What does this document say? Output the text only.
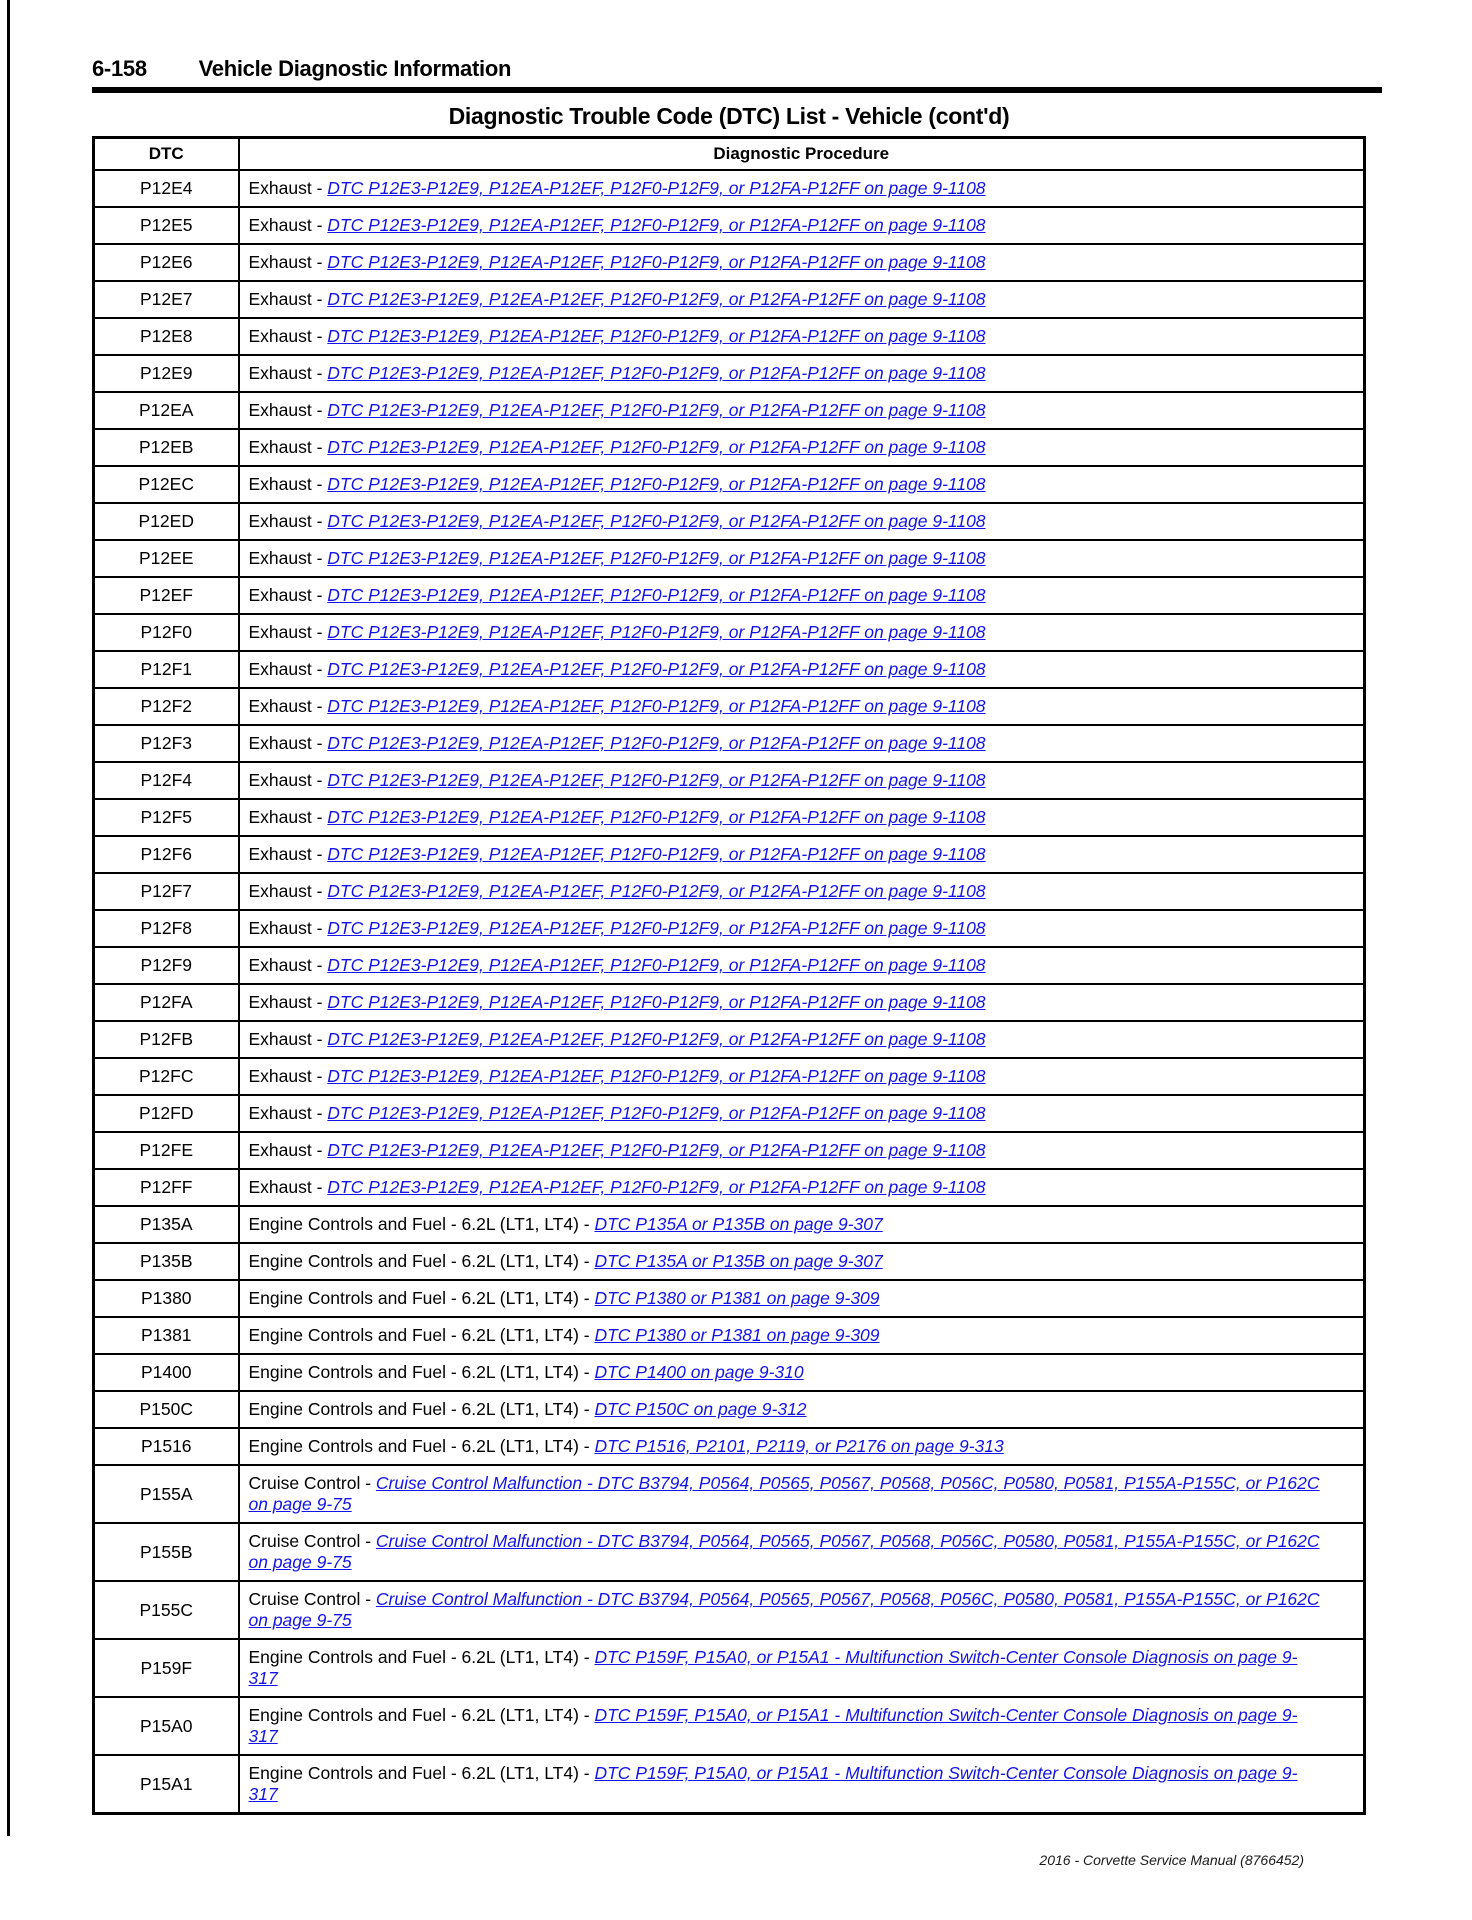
6-158 Vehicle Diagnostic Information
Diagnostic Trouble Code (DTC) List - Vehicle (cont'd)
DTC	Diagnostic Procedure
P12E4	Exhaust - DTC P12E3-P12E9, P12EA-P12EF, P12F0-P12F9, or P12FA-P12FF on page 9-1108

P12E5	Exhaust - DTC P12E3-P12E9, P12EA-P12EF, P12F0-P12F9, or P12FA-P12FF on page 9-1108

P12E6	Exhaust - DTC P12E3-P12E9, P12EA-P12EF, P12F0-P12F9, or P12FA-P12FF on page 9-1108

P12E7	Exhaust - DTC P12E3-P12E9, P12EA-P12EF, P12F0-P12F9, or P12FA-P12FF on page 9-1108

P12E8	Exhaust - DTC P12E3-P12E9, P12EA-P12EF, P12F0-P12F9, or P12FA-P12FF on page 9-1108

P12E9	Exhaust - DTC P12E3-P12E9, P12EA-P12EF, P12F0-P12F9, or P12FA-P12FF on page 9-1108

P12EA	Exhaust - DTC P12E3-P12E9, P12EA-P12EF, P12F0-P12F9, or P12FA-P12FF on page 9-1108

P12EB	Exhaust - DTC P12E3-P12E9, P12EA-P12EF, P12F0-P12F9, or P12FA-P12FF on page 9-1108

P12EC	Exhaust - DTC P12E3-P12E9, P12EA-P12EF, P12F0-P12F9, or P12FA-P12FF on page 9-1108

P12ED	Exhaust - DTC P12E3-P12E9, P12EA-P12EF, P12F0-P12F9, or P12FA-P12FF on page 9-1108

P12EE	Exhaust - DTC P12E3-P12E9, P12EA-P12EF, P12F0-P12F9, or P12FA-P12FF on page 9-1108

P12EF	Exhaust - DTC P12E3-P12E9, P12EA-P12EF, P12F0-P12F9, or P12FA-P12FF on page 9-1108

P12F0	Exhaust - DTC P12E3-P12E9, P12EA-P12EF, P12F0-P12F9, or P12FA-P12FF on page 9-1108

P12F1	Exhaust - DTC P12E3-P12E9, P12EA-P12EF, P12F0-P12F9, or P12FA-P12FF on page 9-1108

P12F2	Exhaust - DTC P12E3-P12E9, P12EA-P12EF, P12F0-P12F9, or P12FA-P12FF on page 9-1108

P12F3	Exhaust - DTC P12E3-P12E9, P12EA-P12EF, P12F0-P12F9, or P12FA-P12FF on page 9-1108

P12F4	Exhaust - DTC P12E3-P12E9, P12EA-P12EF, P12F0-P12F9, or P12FA-P12FF on page 9-1108

P12F5	Exhaust - DTC P12E3-P12E9, P12EA-P12EF, P12F0-P12F9, or P12FA-P12FF on page 9-1108

P12F6	Exhaust - DTC P12E3-P12E9, P12EA-P12EF, P12F0-P12F9, or P12FA-P12FF on page 9-1108

P12F7	Exhaust - DTC P12E3-P12E9, P12EA-P12EF, P12F0-P12F9, or P12FA-P12FF on page 9-1108

P12F8	Exhaust - DTC P12E3-P12E9, P12EA-P12EF, P12F0-P12F9, or P12FA-P12FF on page 9-1108

P12F9	Exhaust - DTC P12E3-P12E9, P12EA-P12EF, P12F0-P12F9, or P12FA-P12FF on page 9-1108

P12FA	Exhaust - DTC P12E3-P12E9, P12EA-P12EF, P12F0-P12F9, or P12FA-P12FF on page 9-1108

P12FB	Exhaust - DTC P12E3-P12E9, P12EA-P12EF, P12F0-P12F9, or P12FA-P12FF on page 9-1108

P12FC	Exhaust - DTC P12E3-P12E9, P12EA-P12EF, P12F0-P12F9, or P12FA-P12FF on page 9-1108

P12FD	Exhaust - DTC P12E3-P12E9, P12EA-P12EF, P12F0-P12F9, or P12FA-P12FF on page 9-1108

P12FE	Exhaust - DTC P12E3-P12E9, P12EA-P12EF, P12F0-P12F9, or P12FA-P12FF on page 9-1108

P12FF	Exhaust - DTC P12E3-P12E9, P12EA-P12EF, P12F0-P12F9, or P12FA-P12FF on page 9-1108

P135A	Engine Controls and Fuel - 6.2L (LT1, LT4) - DTC P135A or P135B on page 9-307

P135B	Engine Controls and Fuel - 6.2L (LT1, LT4) - DTC P135A or P135B on page 9-307

P1380	Engine Controls and Fuel - 6.2L (LT1, LT4) - DTC P1380 or P1381 on page 9-309

P1381	Engine Controls and Fuel - 6.2L (LT1, LT4) - DTC P1380 or P1381 on page 9-309

P1400	Engine Controls and Fuel - 6.2L (LT1, LT4) - DTC P1400 on page 9-310

P150C	Engine Controls and Fuel - 6.2L (LT1, LT4) - DTC P150C on page 9-312

P1516	Engine Controls and Fuel - 6.2L (LT1, LT4) - DTC P1516, P2101, P2119, or P2176 on page 9-313

P155A	Cruise Control - Cruise Control Malfunction - DTC B3794, P0564, P0565, P0567, P0568, P056C, P0580, P0581, P155A-P155C, or P162C on page 9-75

P155B	Cruise Control - Cruise Control Malfunction - DTC B3794, P0564, P0565, P0567, P0568, P056C, P0580, P0581, P155A-P155C, or P162C on page 9-75

P155C	Cruise Control - Cruise Control Malfunction - DTC B3794, P0564, P0565, P0567, P0568, P056C, P0580, P0581, P155A-P155C, or P162C on page 9-75

P159F	Engine Controls and Fuel - 6.2L (LT1, LT4) - DTC P159F, P15A0, or P15A1 - Multifunction Switch-Center Console Diagnosis on page 9-317

P15A0	Engine Controls and Fuel - 6.2L (LT1, LT4) - DTC P159F, P15A0, or P15A1 - Multifunction Switch-Center Console Diagnosis on page 9-317

P15A1	Engine Controls and Fuel - 6.2L (LT1, LT4) - DTC P159F, P15A0, or P15A1 - Multifunction Switch-Center Console Diagnosis on page 9-317
2016 - Corvette Service Manual (8766452)
